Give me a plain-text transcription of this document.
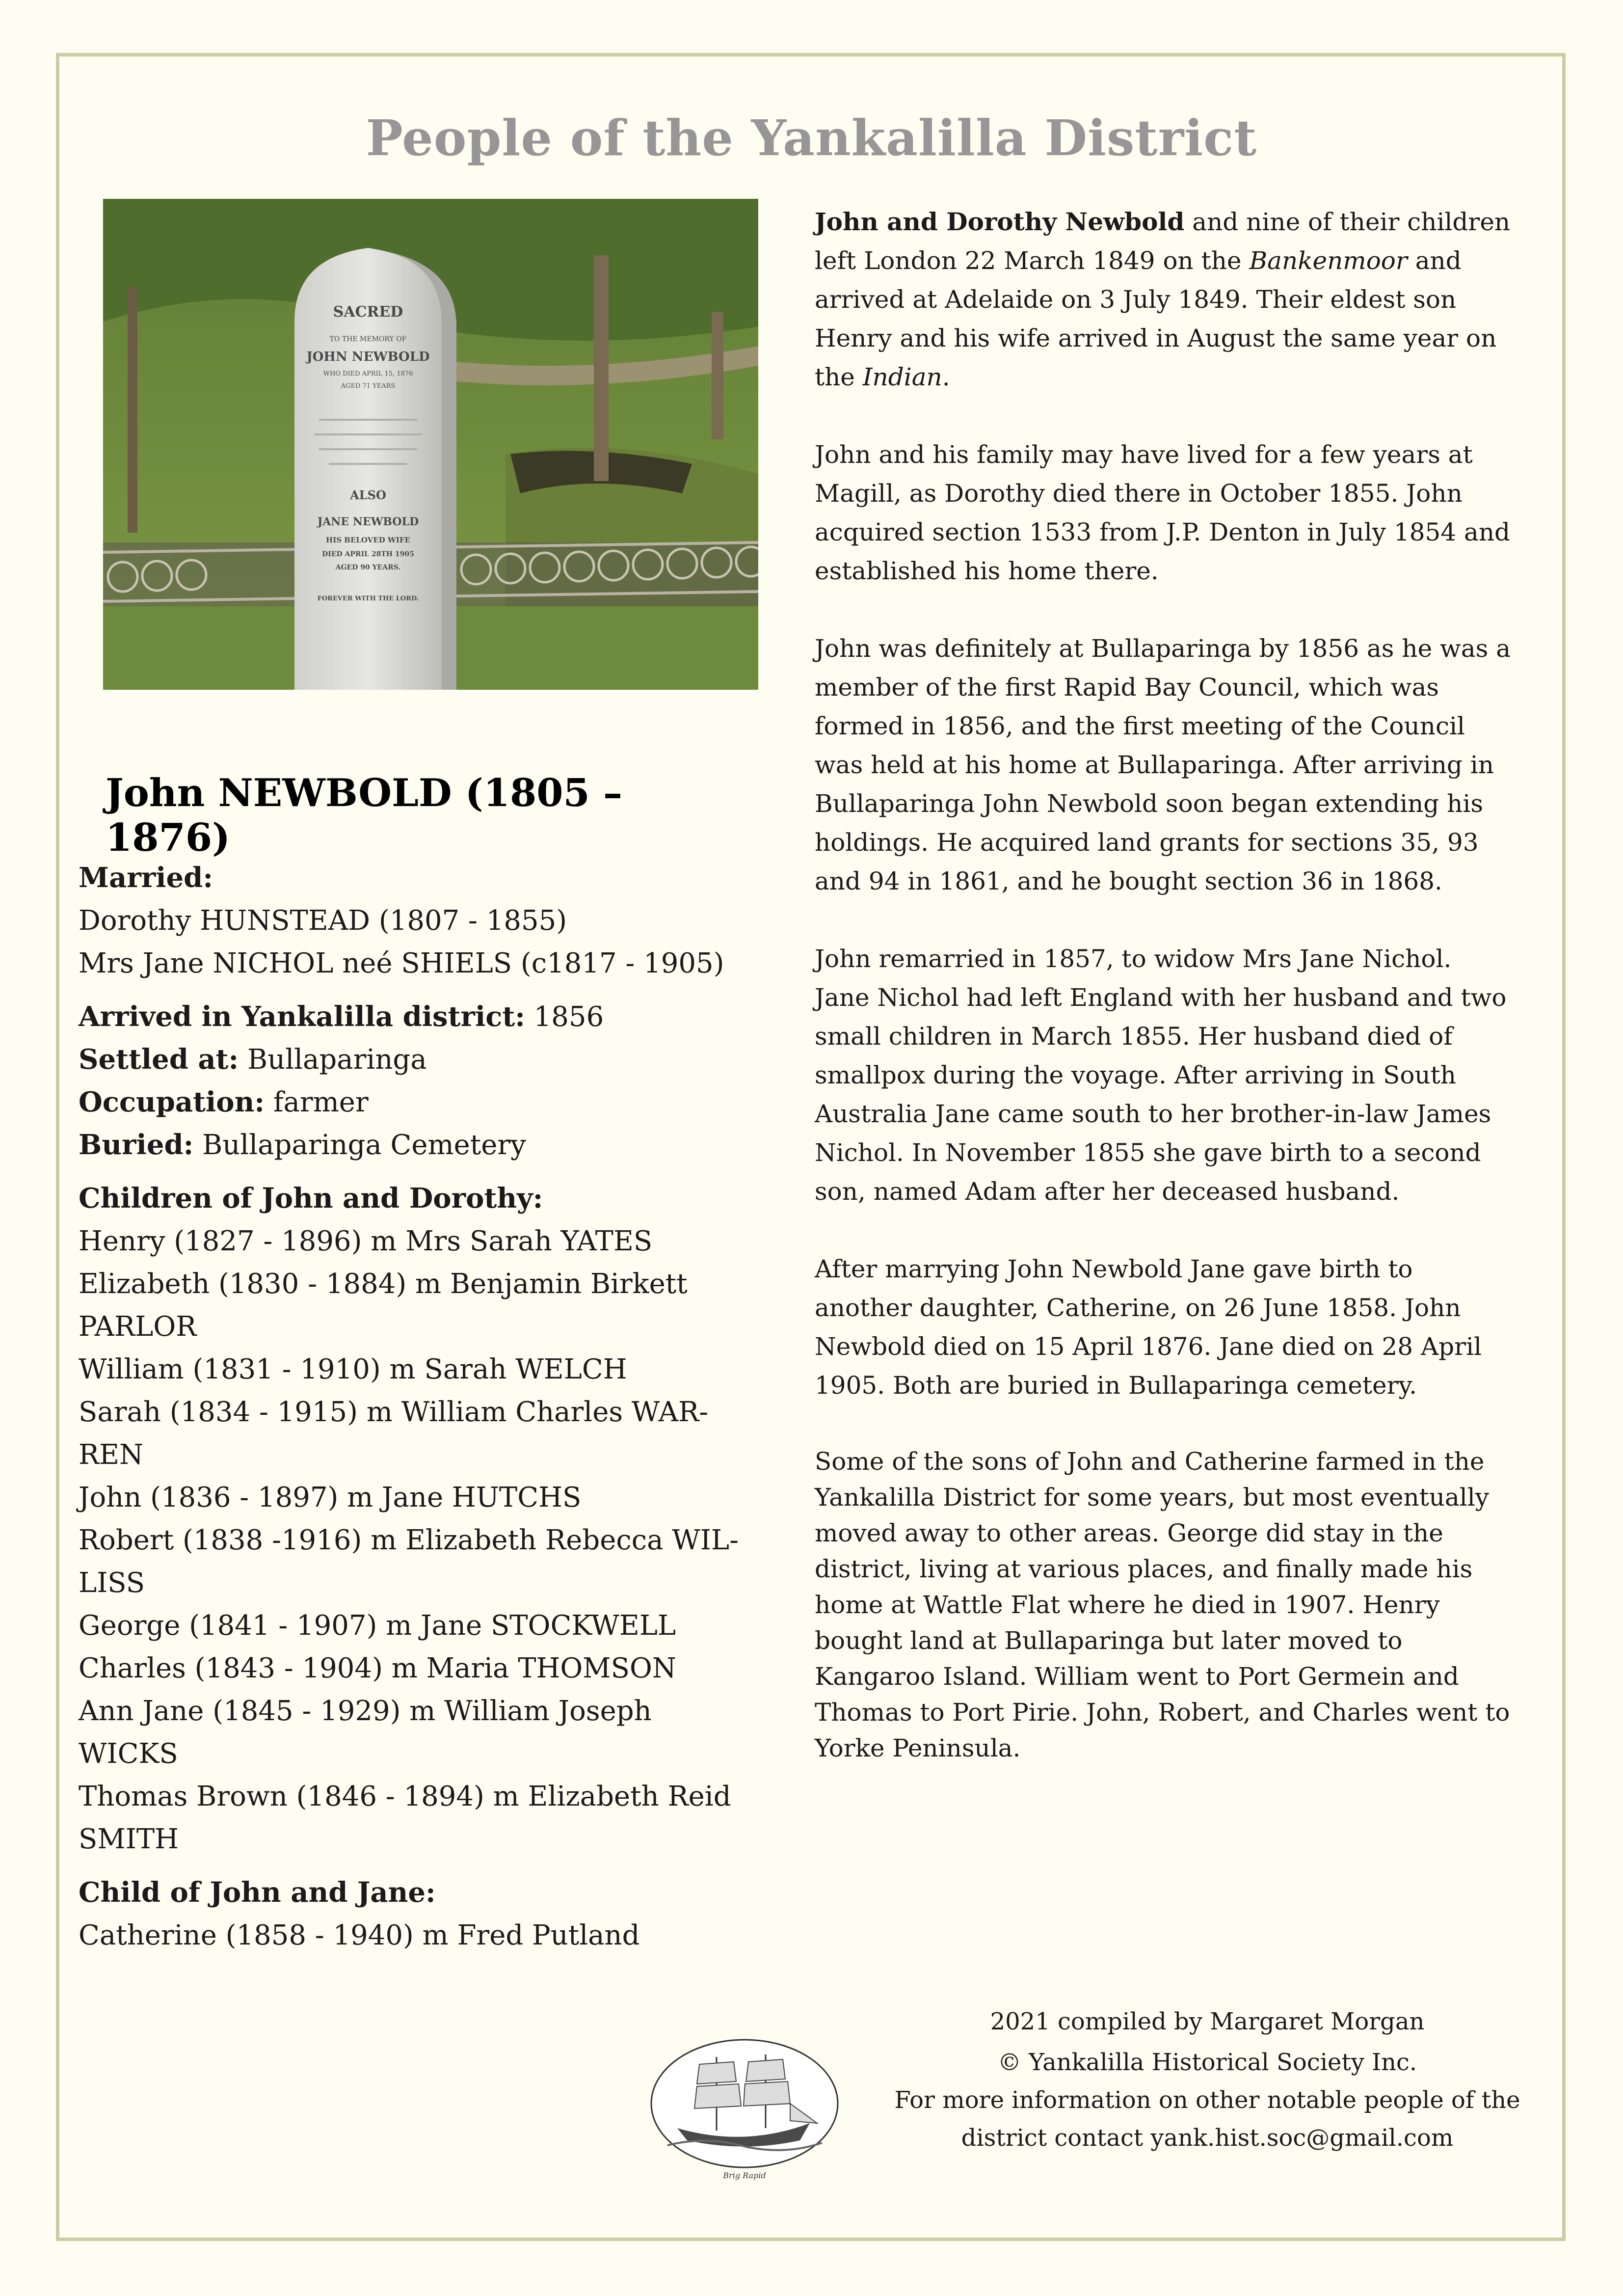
People of the Yankalilla District
SACRED
TO THE MEMORY OF
JOHN NEWBOLD
WHO DIED APRIL 15, 1876
AGED 71 YEARS
ALSO
JANE NEWBOLD
HIS BELOVED WIFE
DIED APRIL 28TH 1905
AGED 90 YEARS.
FOREVER WITH THE LORD.
John NEWBOLD (1805 – 1876)
Married:
Dorothy HUNSTEAD (1807 - 1855)
Mrs Jane NICHOL neé SHIELS (c1817 - 1905)
Arrived in Yankalilla district: 1856
Settled at: Bullaparinga
Occupation: farmer
Buried: Bullaparinga Cemetery
Children of John and Dorothy:
Henry (1827 - 1896) m Mrs Sarah YATES
Elizabeth (1830 - 1884) m Benjamin Birkett
PARLOR
William (1831 - 1910) m Sarah WELCH
Sarah (1834 - 1915) m William Charles WAR-
REN
John (1836 - 1897) m Jane HUTCHS
Robert (1838 -1916) m Elizabeth Rebecca WIL-
LISS
George (1841 - 1907) m Jane STOCKWELL
Charles (1843 - 1904) m Maria THOMSON
Ann Jane (1845 - 1929) m William Joseph
WICKS
Thomas Brown (1846 - 1894) m Elizabeth Reid
SMITH
Child of John and Jane:
Catherine (1858 - 1940) m Fred Putland

John and Dorothy Newbold and nine of their children left London 22 March 1849 on the Bankenmoor and arrived at Adelaide on 3 July 1849. Their eldest son Henry and his wife arrived in August the same year on the Indian.

John and his family may have lived for a few years at Magill, as Dorothy died there in October 1855. John acquired section 1533 from J.P. Denton in July 1854 and established his home there.

John was definitely at Bullaparinga by 1856 as he was a member of the first Rapid Bay Council, which was formed in 1856, and the first meeting of the Council was held at his home at Bullaparinga. After arriving in Bullaparinga John Newbold soon began extending his holdings. He acquired land grants for sections 35, 93 and 94 in 1861, and he bought section 36 in 1868.

John remarried in 1857, to widow Mrs Jane Nichol. Jane Nichol had left England with her husband and two small children in March 1855. Her husband died of smallpox during the voyage. After arriving in South Australia Jane came south to her brother-in-law James Nichol. In November 1855 she gave birth to a second son, named Adam after her deceased husband.

After marrying John Newbold Jane gave birth to another daughter, Catherine, on 26 June 1858. John Newbold died on 15 April 1876. Jane died on 28 April 1905. Both are buried in Bullaparinga cemetery.

Some of the sons of John and Catherine farmed in the Yankalilla District for some years, but most eventually moved away to other areas. George did stay in the district, living at various places, and finally made his home at Wattle Flat where he died in 1907. Henry bought land at Bullaparinga but later moved to Kangaroo Island. William went to Port Germein and Thomas to Port Pirie. John, Robert, and Charles went to Yorke Peninsula.

Brig Rapid
2021 compiled by Margaret Morgan
© Yankalilla Historical Society Inc.
For more information on other notable people of the
district contact yank.hist.soc@gmail.com
